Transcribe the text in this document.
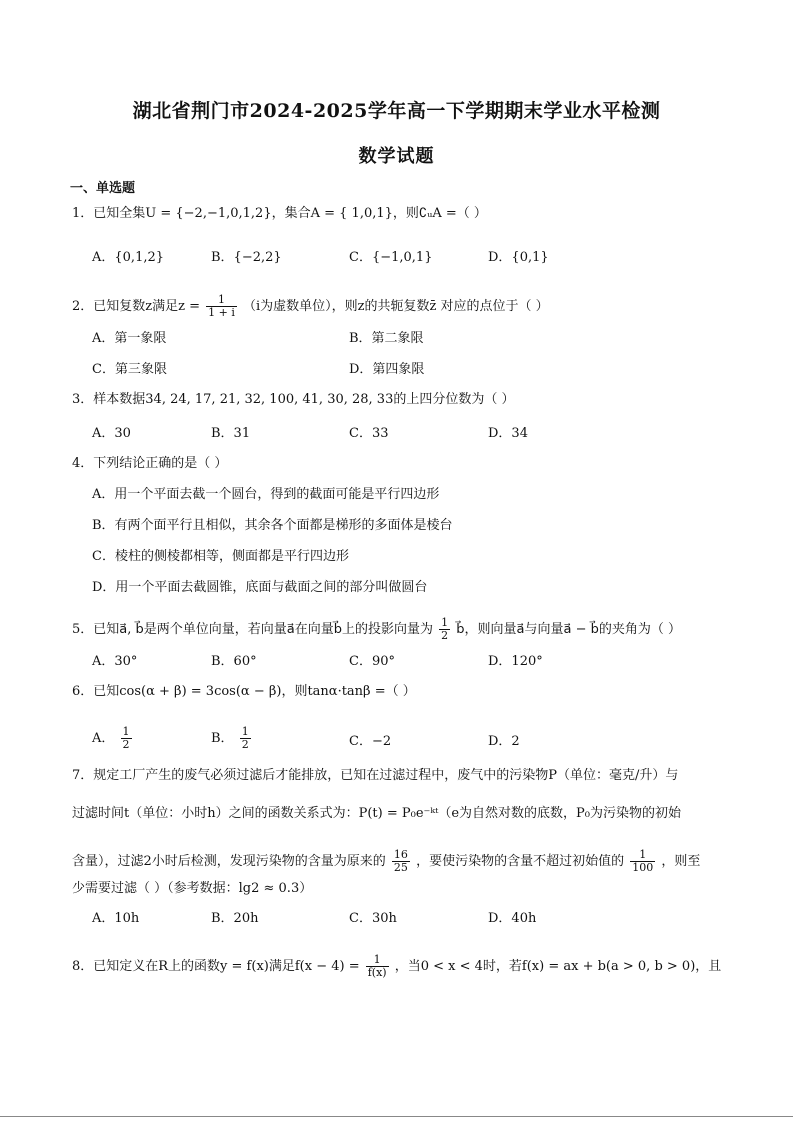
湖北省荆门市2024-2025学年高一下学期期末学业水平检测
数学试题
一、单选题
1．已知全集U = {−2,−1,0,1,2}，集合A = { 1,0,1}，则∁ᵤA =（ ）
A．{0,1,2}	B．{−2,2}	C．{−1,0,1}	D．{0,1}
2．已知复数z满足$z = \frac{1}{1 + i} (i$为虚数单位），则z的共轭复数z̄ 对应的点位于（ ）
A．第一象限	B．第二象限
C．第三象限	D．第四象限
3．样本数据34, 24, 17, 21, 32, 100, 41, 30, 28, 33的上四分位数为（ ）
A．30	B．31	C．33	D．34
4．下列结论正确的是（ ）
A．用一个平面去截一个圆台，得到的截面可能是平行四边形
B．有两个面平行且相似，其余各个面都是梯形的多面体是棱台
C．棱柱的侧棱都相等，侧面都是平行四边形
D．用一个平面去截圆锥，底面与截面之间的部分叫做圆台
5．已知a⃗, b⃗是两个单位向量，若向量a⃗在向量b⃗上的投影向量为 $\frac{1}{2}$ b⃗，则向量a⃗与向量a⃗ − b⃗的夹角为（ ）
A．30°	B．60°	C．90°	D．120°
6．已知cos(α + β) = 3cos(α − β)，则tanα·tanβ =（ ）
A． $\frac{1}{2}$	B． $\frac{1}{2}$	C．−2	D．2
7．规定工厂产生的废气必须过滤后才能排放，已知在过滤过程中，废气中的污染物P（单位：毫克/升）与
过滤时间t（单位：小时h）之间的函数关系式为：P(t) = P₀e⁻ᵏᵗ（e为自然对数的底数，P₀为污染物的初始
含量），过滤2小时后检测，发现污染物的含量为原来的 $\frac{16}{25}$ ，要使污染物的含量不超过初始值的 $\frac{1}{100}$ ，则至
少需要过滤（ ）（参考数据：lg2 ≈ 0.3）
A．10h	B．20h	C．30h	D．40h
8．已知定义在R上的函数y = f(x)满足$f(x - 4) = \frac{1}{f(x)}$ ，当0 < x < 4时，若f(x) = ax + b(a > 0, b > 0)，且
